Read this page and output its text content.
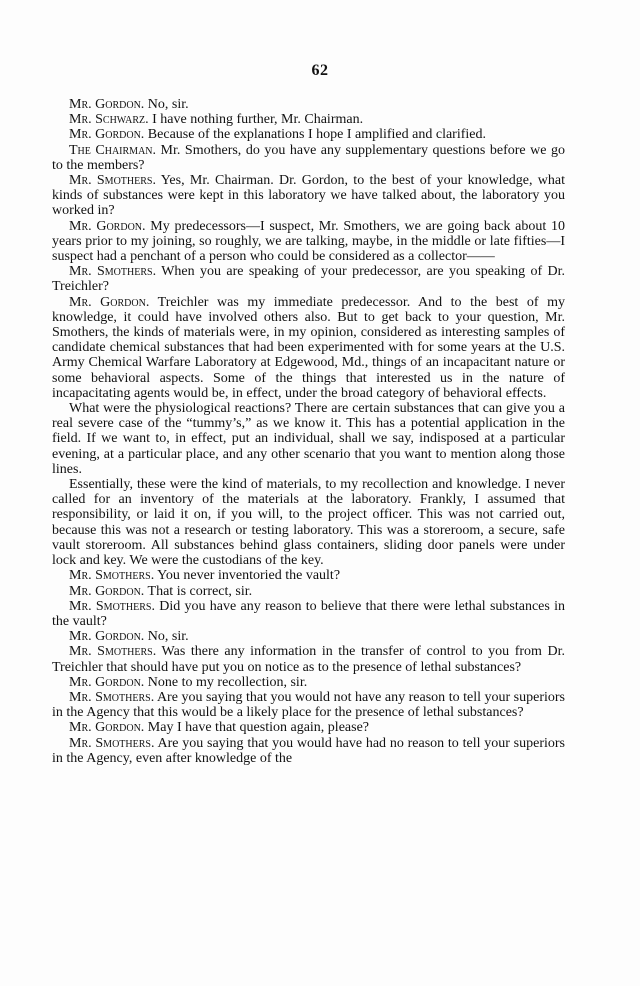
62

Mr. Gordon. No, sir.

Mr. Schwarz. I have nothing further, Mr. Chairman.

Mr. Gordon. Because of the explanations I hope I amplified and clarified.

The Chairman. Mr. Smothers, do you have any supplementary questions before we go to the members?

Mr. Smothers. Yes, Mr. Chairman. Dr. Gordon, to the best of your knowledge, what kinds of substances were kept in this laboratory we have talked about, the laboratory you worked in?

Mr. Gordon. My predecessors—I suspect, Mr. Smothers, we are going back about 10 years prior to my joining, so roughly, we are talking, maybe, in the middle or late fifties—I suspect had a penchant of a person who could be considered as a collector——

Mr. Smothers. When you are speaking of your predecessor, are you speaking of Dr. Treichler?

Mr. Gordon. Treichler was my immediate predecessor. And to the best of my knowledge, it could have involved others also. But to get back to your question, Mr. Smothers, the kinds of materials were, in my opinion, considered as interesting samples of candidate chemical substances that had been experimented with for some years at the U.S. Army Chemical Warfare Laboratory at Edgewood, Md., things of an incapacitant nature or some behavioral aspects. Some of the things that interested us in the nature of incapacitating agents would be, in effect, under the broad category of behavioral effects.

What were the physiological reactions? There are certain substances that can give you a real severe case of the “tummy’s,” as we know it. This has a potential application in the field. If we want to, in effect, put an individual, shall we say, indisposed at a particular evening, at a particular place, and any other scenario that you want to mention along those lines.

Essentially, these were the kind of materials, to my recollection and knowledge. I never called for an inventory of the materials at the laboratory. Frankly, I assumed that responsibility, or laid it on, if you will, to the project officer. This was not carried out, because this was not a research or testing laboratory. This was a storeroom, a secure, safe vault storeroom. All substances behind glass containers, sliding door panels were under lock and key. We were the custodians of the key.

Mr. Smothers. You never inventoried the vault?

Mr. Gordon. That is correct, sir.

Mr. Smothers. Did you have any reason to believe that there were lethal substances in the vault?

Mr. Gordon. No, sir.

Mr. Smothers. Was there any information in the transfer of control to you from Dr. Treichler that should have put you on notice as to the presence of lethal substances?

Mr. Gordon. None to my recollection, sir.

Mr. Smothers. Are you saying that you would not have any reason to tell your superiors in the Agency that this would be a likely place for the presence of lethal substances?

Mr. Gordon. May I have that question again, please?

Mr. Smothers. Are you saying that you would have had no reason to tell your superiors in the Agency, even after knowledge of the
